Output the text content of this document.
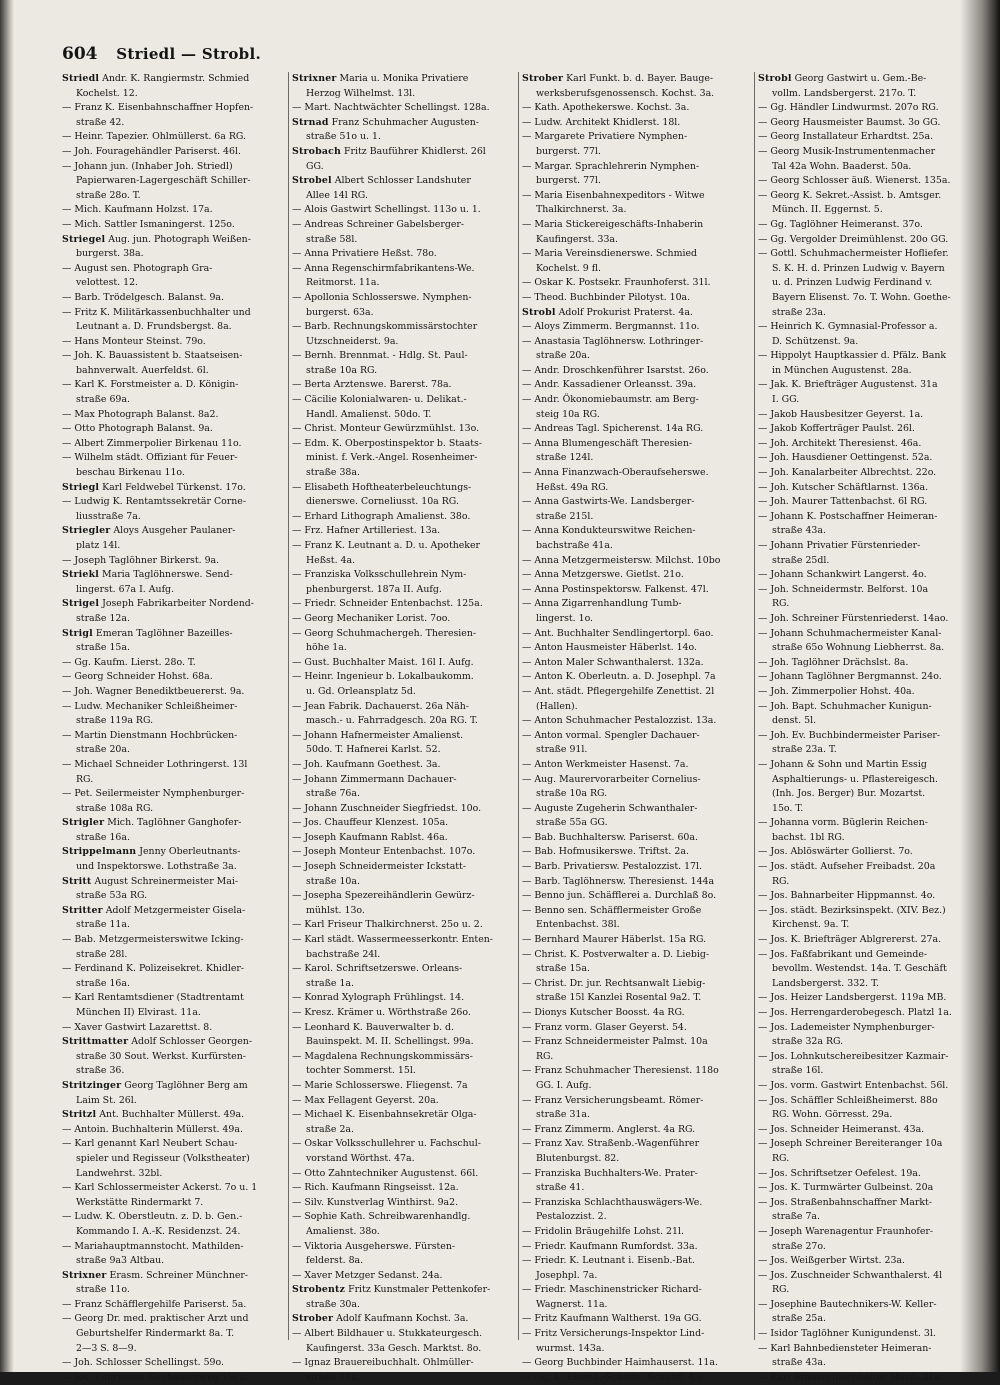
604 Striedl — Strobl.
Striedl Andr. K. Rangiermstr. Schmied
Kochelst. 12.
— Franz K. Eisenbahnschaffner Hopfen-
straße 42.
— Heinr. Tapezier. Ohlmüllerst. 6a RG.
— Joh. Fouragehändler Pariserst. 46l.
— Johann jun. (Inhaber Joh. Striedl)
Papierwaren-Lagergeschäft Schiller-
straße 28o. T.
— Mich. Kaufmann Holzst. 17a.
— Mich. Sattler Ismaningerst. 125o.
Striegel Aug. jun. Photograph Weißen-
burgerst. 38a.
— August sen. Photograph Gra-
velottest. 12.
— Barb. Trödelgesch. Balanst. 9a.
— Fritz K. Militärkassenbuchhalter und
Leutnant a. D. Frundsbergst. 8a.
— Hans Monteur Steinst. 79o.
— Joh. K. Bauassistent b. Staatseisen-
bahnverwalt. Auerfeldst. 6l.
— Karl K. Forstmeister a. D. Königin-
straße 69a.
— Max Photograph Balanst. 8a2.
— Otto Photograph Balanst. 9a.
— Albert Zimmerpolier Birkenau 11o.
— Wilhelm städt. Offiziant für Feuer-
beschau Birkenau 11o.
Striegl Karl Feldwebel Türkenst. 17o.
— Ludwig K. Rentamtssekretär Corne-
liusstraße 7a.
Striegler Aloys Ausgeher Paulaner-
platz 14l.
— Joseph Taglöhner Birkerst. 9a.
Striekl Maria Taglöhnerswe. Send-
lingerst. 67a I. Aufg.
Strigel Joseph Fabrikarbeiter Nordend-
straße 12a.
Strigl Emeran Taglöhner Bazeilles-
straße 15a.
— Gg. Kaufm. Lierst. 28o. T.
— Georg Schneider Hohst. 68a.
— Joh. Wagner Benediktbeuererst. 9a.
— Ludw. Mechaniker Schleißheimer-
straße 119a RG.
— Martin Dienstmann Hochbrücken-
straße 20a.
— Michael Schneider Lothringerst. 13l
RG.
— Pet. Seilermeister Nymphenburger-
straße 108a RG.
Strigler Mich. Taglöhner Ganghofer-
straße 16a.
Strippelmann Jenny Oberleutnants-
und Inspektorswe. Lothstraße 3a.
Stritt August Schreinermeister Mai-
straße 53a RG.
Stritter Adolf Metzgermeister Gisela-
straße 11a.
— Bab. Metzgermeisterswitwe Icking-
straße 28l.
— Ferdinand K. Polizeisekret. Khidler-
straße 16a.
— Karl Rentamtsdiener (Stadtrentamt
München II) Elvirast. 11a.
— Xaver Gastwirt Lazarettst. 8.
Strittmatter Adolf Schlosser Georgen-
straße 30 Sout. Werkst. Kurfürsten-
straße 36.
Stritzinger Georg Taglöhner Berg am
Laim St. 26l.
Stritzl Ant. Buchhalter Müllerst. 49a.
— Antoin. Buchhalterin Müllerst. 49a.
— Karl genannt Karl Neubert Schau-
spieler und Regisseur (Volkstheater)
Landwehrst. 32bl.
— Karl Schlossermeister Ackerst. 7o u. 1
Werkstätte Rindermarkt 7.
— Ludw. K. Oberstleutn. z. D. b. Gen.-
Kommando I. A.-K. Residenzst. 24.
— Mariahauptmannstocht. Mathilden-
straße 9a3 Altbau.
Strixner Erasm. Schreiner Münchner-
straße 11o.
— Franz Schäfflergehilfe Pariserst. 5a.
— Georg Dr. med. praktischer Arzt und
Geburtshelfer Rindermarkt 8a. T.
2—3 S. 8—9.
— Joh. Schlosser Schellingst. 59o.
— Jos. Fuhrmann Neuhauserweg 1½ z.
Strixner Maria u. Monika Privatiere
Herzog Wilhelmst. 13l.
— Mart. Nachtwächter Schellingst. 128a.
Strnad Franz Schuhmacher Augusten-
straße 51o u. 1.
Strobach Fritz Bauführer Khidlerst. 26l
GG.
Strobel Albert Schlosser Landshuter
Allee 14l RG.
— Alois Gastwirt Schellingst. 113o u. 1.
— Andreas Schreiner Gabelsberger-
straße 58l.
— Anna Privatiere Heßst. 78o.
— Anna Regenschirmfabrikantens-We.
Reitmorst. 11a.
— Apollonia Schlosserswe. Nymphen-
burgerst. 63a.
— Barb. Rechnungskommissärstochter
Utzschneiderst. 9a.
— Bernh. Brennmat. - Hdlg. St. Paul-
straße 10a RG.
— Berta Arztenswe. Barerst. 78a.
— Cäcilie Kolonialwaren- u. Delikat.-
Handl. Amalienst. 50do. T.
— Christ. Monteur Gewürzmühlst. 13o.
— Edm. K. Oberpostinspektor b. Staats-
minist. f. Verk.-Angel. Rosenheimer-
straße 38a.
— Elisabeth Hoftheaterbeleuchtungs-
dienerswe. Corneliusst. 10a RG.
— Erhard Lithograph Amalienst. 38o.
— Frz. Hafner Artilleriest. 13a.
— Franz K. Leutnant a. D. u. Apotheker
Heßst. 4a.
— Franziska Volksschullehrein Nym-
phenburgerst. 187a II. Aufg.
— Friedr. Schneider Entenbachst. 125a.
— Georg Mechaniker Lorist. 7oo.
— Georg Schuhmachergeh. Theresien-
höhe 1a.
— Gust. Buchhalter Maist. 16l I. Aufg.
— Heinr. Ingenieur b. Lokalbaukomm.
u. Gd. Orleansplatz 5d.
— Jean Fabrik. Dachauerst. 26a Näh-
masch.- u. Fahrradgesch. 20a RG. T.
— Johann Hafnermeister Amalienst.
50do. T. Hafnerei Karlst. 52.
— Joh. Kaufmann Goethest. 3a.
— Johann Zimmermann Dachauer-
straße 76a.
— Johann Zuschneider Siegfriedst. 10o.
— Jos. Chauffeur Klenzest. 105a.
— Joseph Kaufmann Rablst. 46a.
— Joseph Monteur Entenbachst. 107o.
— Joseph Schneidermeister Ickstatt-
straße 10a.
— Josepha Spezereihändlerin Gewürz-
mühlst. 13o.
— Karl Friseur Thalkirchnerst. 25o u. 2.
— Karl städt. Wassermeesserkontr. Enten-
bachstraße 24l.
— Karol. Schriftsetzerswe. Orleans-
straße 1a.
— Konrad Xylograph Frühlingst. 14.
— Kresz. Krämer u. Wörthstraße 26o.
— Leonhard K. Bauverwalter b. d.
Bauinspekt. M. II. Schellingst. 99a.
— Magdalena Rechnungskommissärs-
tochter Sommerst. 15l.
— Marie Schlosserswe. Fliegenst. 7a
— Max Fellagent Geyerst. 20a.
— Michael K. Eisenbahnsekretär Olga-
straße 2a.
— Oskar Volksschullehrer u. Fachschul-
vorstand Wörthst. 47a.
— Otto Zahntechniker Augustenst. 66l.
— Rich. Kaufmann Ringseisst. 12a.
— Silv. Kunstverlag Winthirst. 9a2.
— Sophie Kath. Schreibwarenhandlg.
Amalienst. 38o.
— Viktoria Ausgeherswe. Fürsten-
felderst. 8a.
— Xaver Metzger Sedanst. 24a.
Strobentz Fritz Kunstmaler Pettenkofer-
straße 30a.
Strober Adolf Kaufmann Kochst. 3a.
— Albert Bildhauer u. Stukkateurgesch.
Kaufingerst. 33a Gesch. Marktst. 8o.
— Ignaz Brauereibuchhalt. Ohlmüller-
straße 11a.
Strober Karl Funkt. b. d. Bayer. Bauge-
werksberufsgenossensch. Kochst. 3a.
— Kath. Apothekerswe. Kochst. 3a.
— Ludw. Architekt Khidlerst. 18l.
— Margarete Privatiere Nymphen-
burgerst. 77l.
— Margar. Sprachlehrerin Nymphen-
burgerst. 77l.
— Maria Eisenbahnexpeditors - Witwe
Thalkirchnerst. 3a.
— Maria Stickereigeschäfts-Inhaberin
Kaufingerst. 33a.
— Maria Vereinsdienerswe. Schmied
Kochelst. 9 fl.
— Oskar K. Postsekr. Fraunhoferst. 31l.
— Theod. Buchbinder Pilotyst. 10a.
Strobl Adolf Prokurist Praterst. 4a.
— Aloys Zimmerm. Bergmannst. 11o.
— Anastasia Taglöhnersw. Lothringer-
straße 20a.
— Andr. Droschkenführer Isarstst. 26o.
— Andr. Kassadiener Orleansst. 39a.
— Andr. Ökonomiebaumstr. am Berg-
steig 10a RG.
— Andreas Tagl. Spicherenst. 14a RG.
— Anna Blumengeschäft Theresien-
straße 124l.
— Anna Finanzwach-Oberaufseherswe.
Heßst. 49a RG.
— Anna Gastwirts-We. Landsberger-
straße 215l.
— Anna Kondukteurswitwe Reichen-
bachstraße 41a.
— Anna Metzgermeistersw. Milchst. 10bo
— Anna Metzgerswe. Gietlst. 21o.
— Anna Postinspektorsw. Falkenst. 47l.
— Anna Zigarrenhandlung Tumb-
lingerst. 1o.
— Ant. Buchhalter Sendlingertorpl. 6ao.
— Anton Hausmeister Häberlst. 14o.
— Anton Maler Schwanthalerst. 132a.
— Anton K. Oberleutn. a. D. Josephpl. 7a
— Ant. städt. Pflegergehilfe Zenettist. 2l
(Hallen).
— Anton Schuhmacher Pestalozzist. 13a.
— Anton vormal. Spengler Dachauer-
straße 91l.
— Anton Werkmeister Hasenst. 7a.
— Aug. Maurervorarbeiter Cornelius-
straße 10a RG.
— Auguste Zugeherin Schwanthaler-
straße 55a GG.
— Bab. Buchhaltersw. Pariserst. 60a.
— Bab. Hofmusikerswe. Triftst. 2a.
— Barb. Privatiersw. Pestalozzist. 17l.
— Barb. Taglöhnersw. Theresienst. 144a
— Benno jun. Schäfflerei a. Durchlaß 8o.
— Benno sen. Schäfflermeister Große
Entenbachst. 38l.
— Bernhard Maurer Häberlst. 15a RG.
— Christ. K. Postverwalter a. D. Liebig-
straße 15a.
— Christ. Dr. jur. Rechtsanwalt Liebig-
straße 15l Kanzlei Rosental 9a2. T.
— Dionys Kutscher Boosst. 4a RG.
— Franz vorm. Glaser Geyerst. 54.
— Franz Schneidermeister Palmst. 10a
RG.
— Franz Schuhmacher Theresienst. 118o
GG. I. Aufg.
— Franz Versicherungsbeamt. Römer-
straße 31a.
— Franz Zimmerm. Anglerst. 4a RG.
— Franz Xav. Straßenb.-Wagenführer
Blutenburgst. 82.
— Franziska Buchhalters-We. Prater-
straße 41.
— Franziska Schlachthauswägers-We.
Pestalozzist. 2.
— Fridolin Bräugehilfe Lohst. 21l.
— Friedr. Kaufmann Rumfordst. 33a.
— Friedr. K. Leutnant i. Eisenb.-Bat.
Josephpl. 7a.
— Friedr. Maschinenstricker Richard-
Wagnerst. 11a.
— Fritz Kaufmann Waltherst. 19a GG.
— Fritz Versicherungs-Inspektor Lind-
wurmst. 143a.
— Georg Buchbinder Haimhauserst. 11a.
— Gg. K. Eisenb.-Schaffn. Schulst. 45l.
Strobl Georg Gastwirt u. Gem.-Be-
vollm. Landsbergerst. 217o. T.
— Gg. Händler Lindwurmst. 207o RG.
— Georg Hausmeister Baumst. 3o GG.
— Georg Installateur Erhardtst. 25a.
— Georg Musik-Instrumentenmacher
Tal 42a Wohn. Baaderst. 50a.
— Georg Schlosser äuß. Wienerst. 135a.
— Georg K. Sekret.-Assist. b. Amtsger.
Münch. II. Eggernst. 5.
— Gg. Taglöhner Heimeranst. 37o.
— Gg. Vergolder Dreimühlenst. 20o GG.
— Gottl. Schuhmachermeister Hofliefer.
S. K. H. d. Prinzen Ludwig v. Bayern
u. d. Prinzen Ludwig Ferdinand v.
Bayern Elisenst. 7o. T. Wohn. Goethe-
straße 23a.
— Heinrich K. Gymnasial-Professor a.
D. Schützenst. 9a.
— Hippolyt Hauptkassier d. Pfälz. Bank
in München Augustenst. 28a.
— Jak. K. Briefträger Augustenst. 31a
I. GG.
— Jakob Hausbesitzer Geyerst. 1a.
— Jakob Kofferträger Paulst. 26l.
— Joh. Architekt Theresienst. 46a.
— Joh. Hausdiener Oettingenst. 52a.
— Joh. Kanalarbeiter Albrechtst. 22o.
— Joh. Kutscher Schäftlarnst. 136a.
— Joh. Maurer Tattenbachst. 6l RG.
— Johann K. Postschaffner Heimeran-
straße 43a.
— Johann Privatier Fürstenrieder-
straße 25dl.
— Johann Schankwirt Langerst. 4o.
— Joh. Schneidermstr. Belforst. 10a
RG.
— Joh. Schreiner Fürstenriederst. 14ao.
— Johann Schuhmachermeister Kanal-
straße 65o Wohnung Liebherrst. 8a.
— Joh. Taglöhner Drächslst. 8a.
— Johann Taglöhner Bergmannst. 24o.
— Joh. Zimmerpolier Hohst. 40a.
— Joh. Bapt. Schuhmacher Kunigun-
denst. 5l.
— Joh. Ev. Buchbindermeister Pariser-
straße 23a. T.
— Johann & Sohn und Martin Essig
Asphaltierungs- u. Pflastereigesch.
(Inh. Jos. Berger) Bur. Mozartst.
15o. T.
— Johanna vorm. Büglerin Reichen-
bachst. 1bl RG.
— Jos. Ablöswärter Gollierst. 7o.
— Jos. städt. Aufseher Freibadst. 20a
RG.
— Jos. Bahnarbeiter Hippmannst. 4o.
— Jos. städt. Bezirksinspekt. (XIV. Bez.)
Kirchenst. 9a. T.
— Jos. K. Briefträger Ablgrererst. 27a.
— Jos. Faßfabrikant und Gemeinde-
bevollm. Westendst. 14a. T. Geschäft
Landsbergerst. 332. T.
— Jos. Heizer Landsbergerst. 119a MB.
— Jos. Herrengarderobegesch. Platzl 1a.
— Jos. Lademeister Nymphenburger-
straße 32a RG.
— Jos. Lohnkutschereibesitzer Kazmair-
straße 16l.
— Jos. vorm. Gastwirt Entenbachst. 56l.
— Jos. Schäffler Schleißheimerst. 88o
RG. Wohn. Görresst. 29a.
— Jos. Schneider Heimeranst. 43a.
— Joseph Schreiner Bereiteranger 10a
RG.
— Jos. Schriftsetzer Oefelest. 19a.
— Jos. K. Turmwärter Gulbeinst. 20a
— Jos. Straßenbahnschaffner Markt-
straße 7a.
— Joseph Warenagentur Fraunhofer-
straße 27o.
— Jos. Weißgerber Wirtst. 23a.
— Jos. Zuschneider Schwanthalerst. 4l
RG.
— Josephine Bautechnikers-W. Keller-
straße 25a.
— Isidor Taglöhner Kunigundenst. 3l.
— Karl Bahnbediensteter Heimeran-
straße 43a.
— Karl Brauereibuchhalter Maist. 21a.
